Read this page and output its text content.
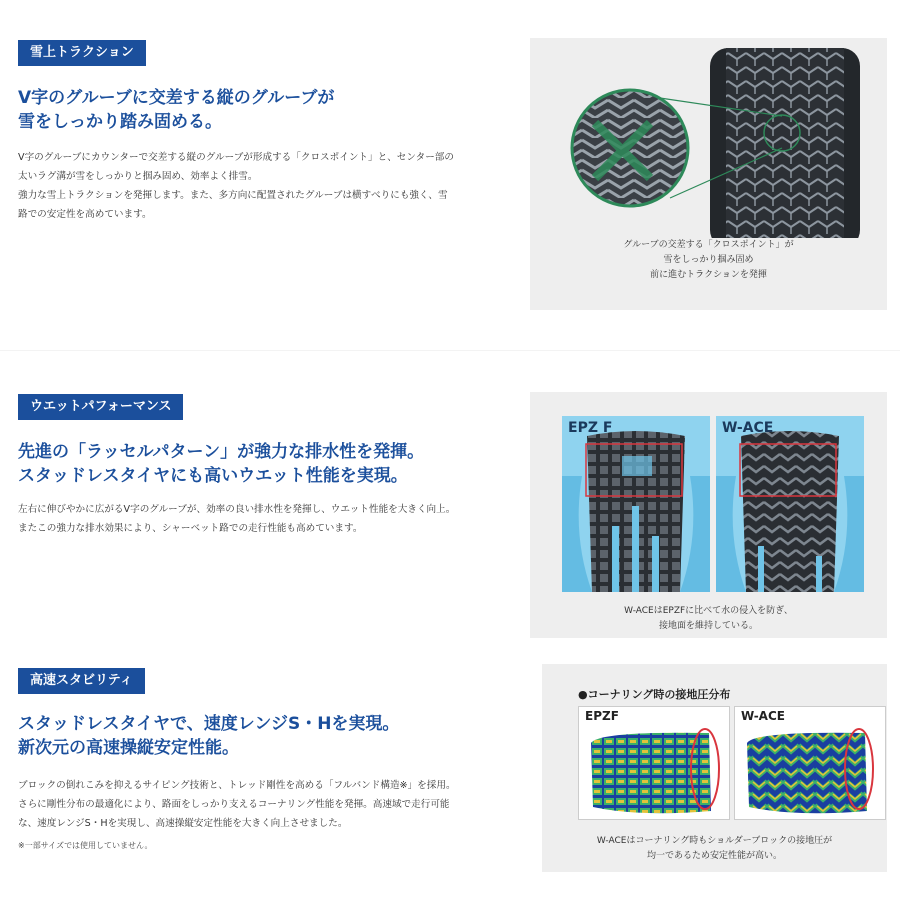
雪上トラクション
V字のグルーブに交差する縦のグルーブが
雪をしっかり踏み固める。
V字のグルーブにカウンターで交差する縦のグルーブが形成する「クロスポイント」と、センター部の
太いラグ溝が雪をしっかりと掴み固め、効率よく排雪。
強力な雪上トラクションを発揮します。また、多方向に配置されたグルーブは横すべりにも強く、雪
路での安定性を高めています。
グルーブの交差する「クロスポイント」が
雪をしっかり掴み固め
前に進むトラクションを発揮
ウエットパフォーマンス
先進の「ラッセルパターン」が強力な排水性を発揮。
スタッドレスタイヤにも高いウエット性能を実現。
左右に伸びやかに広がるV字のグルーブが、効率の良い排水性を発揮し、ウエット性能を大きく向上。
またこの強力な排水効果により、シャーベット路での走行性能も高めています。
EPZ F	W-ACE
W-ACEはEPZFに比べて水の侵入を防ぎ、
接地面を維持している。
高速スタビリティ
スタッドレスタイヤで、速度レンジS・Hを実現。
新次元の高速操縦安定性能。
ブロックの倒れこみを抑えるサイピング技術と、トレッド剛性を高める「フルバンド構造※」を採用。
さらに剛性分布の最適化により、路面をしっかり支えるコーナリング性能を発揮。高速域で走行可能
な、速度レンジS・Hを実現し、高速操縦安定性能を大きく向上させました。
※一部サイズでは使用していません。
●コーナリング時の接地圧分布
EPZF	W-ACE
W-ACEはコーナリング時もショルダーブロックの接地圧が
均一であるため安定性能が高い。
